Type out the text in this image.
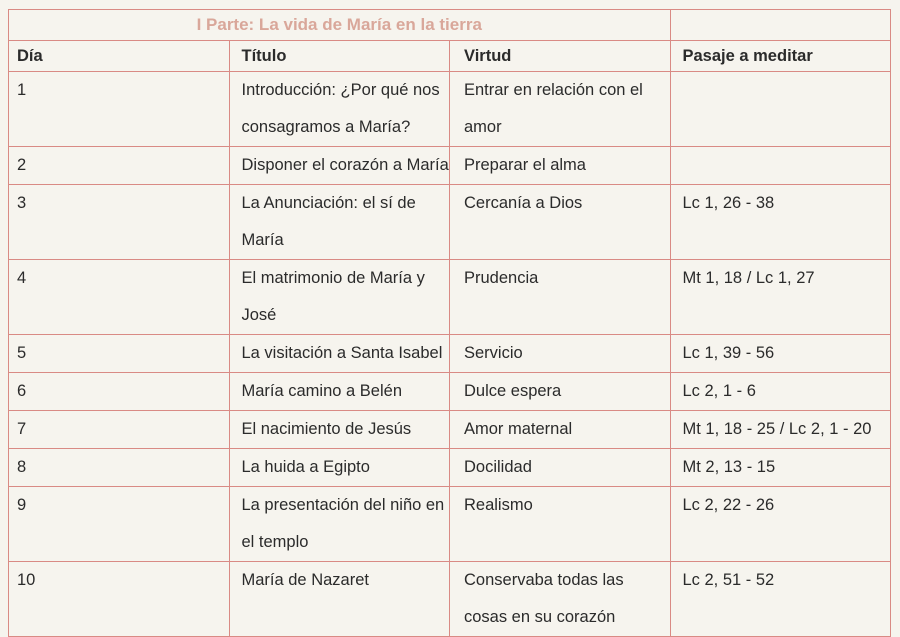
I Parte: La vida de María en la tierra			
Día	Título	Virtud	Pasaje a meditar
1	Introducción: ¿Por qué nos consagramos a María?	Entrar en relación con el amor	
2	Disponer el corazón a María	Preparar el alma	
3	La Anunciación: el sí de María	Cercanía a Dios	Lc 1, 26 - 38
4	El matrimonio de María y José	Prudencia	Mt 1, 18 / Lc 1, 27
5	La visitación a Santa Isabel	Servicio	Lc 1, 39 - 56
6	María camino a Belén	Dulce espera	Lc 2, 1 - 6
7	El nacimiento de Jesús	Amor maternal	Mt 1, 18 - 25 / Lc 2, 1 - 20
8	La huida a Egipto	Docilidad	Mt 2, 13 - 15
9	La presentación del niño en el templo	Realismo	Lc 2, 22 - 26
10	María de Nazaret	Conservaba todas las cosas en su corazón	Lc 2, 51 - 52
